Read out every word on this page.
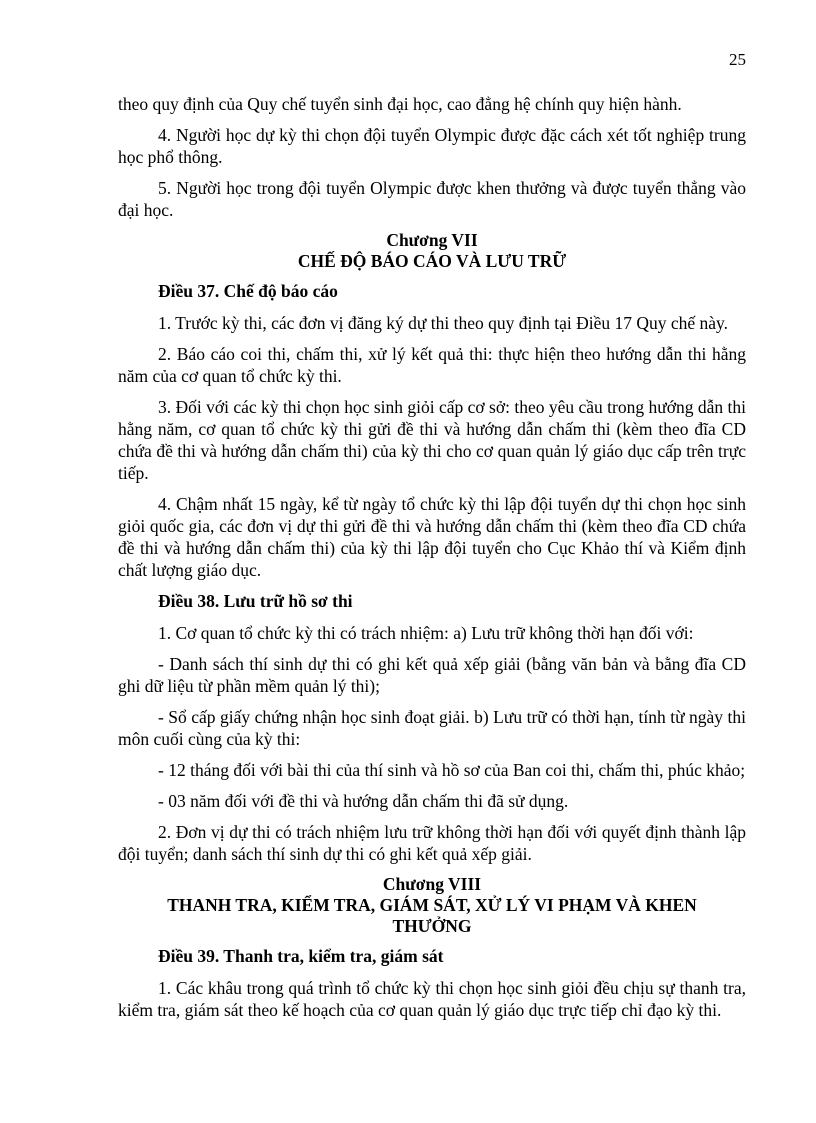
25

theo quy định của Quy chế tuyển sinh đại học, cao đẳng hệ chính quy hiện hành.

4. Người học dự kỳ thi chọn đội tuyển Olympic được đặc cách xét tốt nghiệp trung học phổ thông.

5. Người học trong đội tuyển Olympic được khen thưởng và được tuyển thẳng vào đại học.

Chương VII
CHẾ ĐỘ BÁO CÁO VÀ LƯU TRỮ

Điều 37. Chế độ báo cáo

1. Trước kỳ thi, các đơn vị đăng ký dự thi theo quy định tại Điều 17 Quy chế này.

2. Báo cáo coi thi, chấm thi, xử lý kết quả thi: thực hiện theo hướng dẫn thi hằng năm của cơ quan tổ chức kỳ thi.

3. Đối với các kỳ thi chọn học sinh giỏi cấp cơ sở: theo yêu cầu trong hướng dẫn thi hằng năm, cơ quan tổ chức kỳ thi gửi đề thi và hướng dẫn chấm thi (kèm theo đĩa CD chứa đề thi và hướng dẫn chấm thi) của kỳ thi cho cơ quan quản lý giáo dục cấp trên trực tiếp.

4. Chậm nhất 15 ngày, kể từ ngày tổ chức kỳ thi lập đội tuyển dự thi chọn học sinh giỏi quốc gia, các đơn vị dự thi gửi đề thi và hướng dẫn chấm thi (kèm theo đĩa CD chứa đề thi và hướng dẫn chấm thi) của kỳ thi lập đội tuyển cho Cục Khảo thí và Kiểm định chất lượng giáo dục.

Điều 38. Lưu trữ hồ sơ thi

1. Cơ quan tổ chức kỳ thi có trách nhiệm: a) Lưu trữ không thời hạn đối với:

- Danh sách thí sinh dự thi có ghi kết quả xếp giải (bằng văn bản và bằng đĩa CD ghi dữ liệu từ phần mềm quản lý thi);

- Sổ cấp giấy chứng nhận học sinh đoạt giải. b) Lưu trữ có thời hạn, tính từ ngày thi môn cuối cùng của kỳ thi:

- 12 tháng đối với bài thi của thí sinh và hồ sơ của Ban coi thi, chấm thi, phúc khảo;

- 03 năm đối với đề thi và hướng dẫn chấm thi đã sử dụng.

2. Đơn vị dự thi có trách nhiệm lưu trữ không thời hạn đối với quyết định thành lập đội tuyển; danh sách thí sinh dự thi có ghi kết quả xếp giải.

Chương VIII
THANH TRA, KIỂM TRA, GIÁM SÁT, XỬ LÝ VI PHẠM VÀ KHEN
THƯỞNG

Điều 39. Thanh tra, kiểm tra, giám sát

1. Các khâu trong quá trình tổ chức kỳ thi chọn học sinh giỏi đều chịu sự thanh tra, kiểm tra, giám sát theo kế hoạch của cơ quan quản lý giáo dục trực tiếp chỉ đạo kỳ thi.
